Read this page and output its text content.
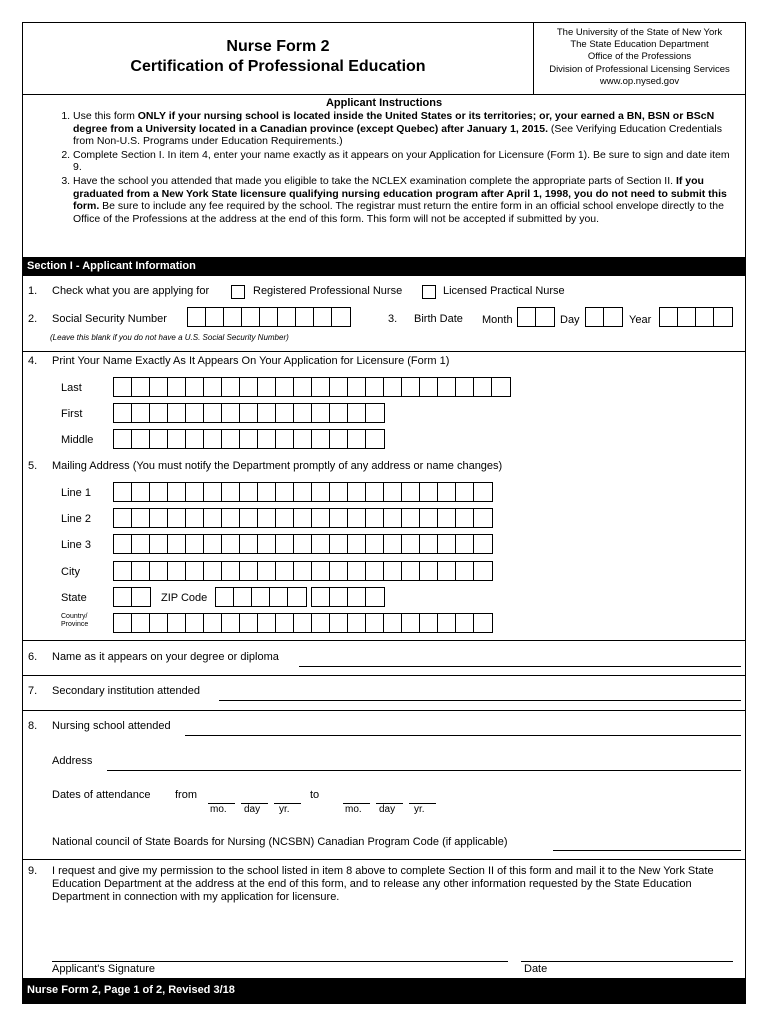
Nurse Form 2
Certification of Professional Education
The University of the State of New York
The State Education Department
Office of the Professions
Division of Professional Licensing Services
www.op.nysed.gov
Applicant Instructions
1. Use this form ONLY if your nursing school is located inside the United States or its territories; or, your earned a BN, BSN or BScN degree from a University located in a Canadian province (except Quebec) after January 1, 2015. (See Verifying Education Credentials from Non-U.S. Programs under Education Requirements.)
2. Complete Section I. In item 4, enter your name exactly as it appears on your Application for Licensure (Form 1). Be sure to sign and date item 9.
3. Have the school you attended that made you eligible to take the NCLEX examination complete the appropriate parts of Section II. If you graduated from a New York State licensure qualifying nursing education program after April 1, 1998, you do not need to submit this form. Be sure to include any fee required by the school. The registrar must return the entire form in an official school envelope directly to the Office of the Professions at the address at the end of this form. This form will not be accepted if submitted by you.
Section I - Applicant Information
1. Check what you are applying for	Registered Professional Nurse	Licensed Practical Nurse
2. Social Security Number
(Leave this blank if you do not have a U.S. Social Security Number)
3. Birth Date Month	Day	Year
4. Print Your Name Exactly As It Appears On Your Application for Licensure (Form 1)
Last
First
Middle
5. Mailing Address (You must notify the Department promptly of any address or name changes)
Line 1
Line 2
Line 3
City
State	ZIP Code
Country/
Province
6. Name as it appears on your degree or diploma
7. Secondary institution attended
8. Nursing school attended
Address
Dates of attendance from
mo. day yr.
to
mo. day yr.
National council of State Boards for Nursing (NCSBN) Canadian Program Code (if applicable)
9. I request and give my permission to the school listed in item 8 above to complete Section II of this form and mail it to the New York State Education Department at the address at the end of this form, and to release any other information requested by the State Education Department in connection with my application for licensure.
Applicant's Signature	Date
Nurse Form 2, Page 1 of 2, Revised 3/18
